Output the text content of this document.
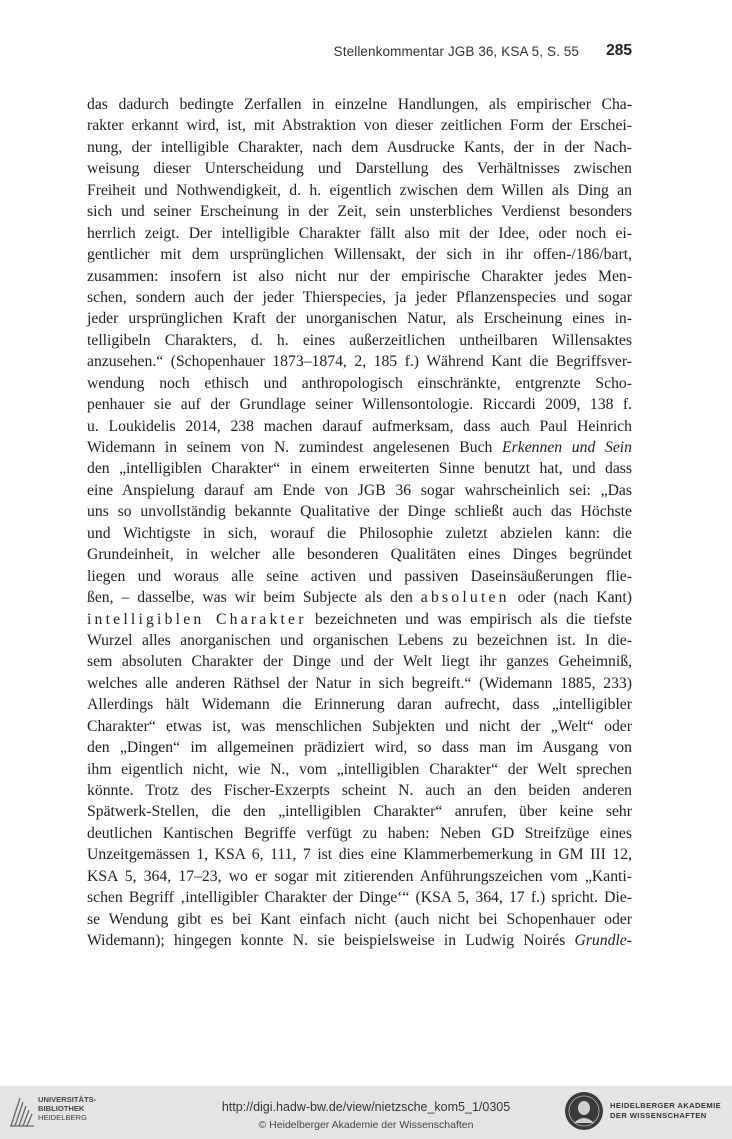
Stellenkommentar JGB 36, KSA 5, S. 55 285
das dadurch bedingte Zerfallen in einzelne Handlungen, als empirischer Cha-
rakter erkannt wird, ist, mit Abstraktion von dieser zeitlichen Form der Erschei-
nung, der intelligible Charakter, nach dem Ausdrucke Kants, der in der Nach-
weisung dieser Unterscheidung und Darstellung des Verhältnisses zwischen
Freiheit und Nothwendigkeit, d. h. eigentlich zwischen dem Willen als Ding an
sich und seiner Erscheinung in der Zeit, sein unsterbliches Verdienst besonders
herrlich zeigt. Der intelligible Charakter fällt also mit der Idee, oder noch ei-
gentlicher mit dem ursprünglichen Willensakt, der sich in ihr offen-/186/bart,
zusammen: insofern ist also nicht nur der empirische Charakter jedes Men-
schen, sondern auch der jeder Thierspecies, ja jeder Pflanzenspecies und sogar
jeder ursprünglichen Kraft der unorganischen Natur, als Erscheinung eines in-
telligibeln Charakters, d. h. eines außerzeitlichen untheilbaren Willensaktes
anzusehen.“ (Schopenhauer 1873–1874, 2, 185 f.) Während Kant die Begriffsver-
wendung noch ethisch und anthropologisch einschränkte, entgrenzte Scho-
penhauer sie auf der Grundlage seiner Willensontologie. Riccardi 2009, 138 f.
u. Loukidelis 2014, 238 machen darauf aufmerksam, dass auch Paul Heinrich
Widemann in seinem von N. zumindest angelesenen Buch Erkennen und Sein
den „intelligiblen Charakter“ in einem erweiterten Sinne benutzt hat, und dass
eine Anspielung darauf am Ende von JGB 36 sogar wahrscheinlich sei: „Das
uns so unvollständig bekannte Qualitative der Dinge schließt auch das Höchste
und Wichtigste in sich, worauf die Philosophie zuletzt abzielen kann: die
Grundeinheit, in welcher alle besonderen Qualitäten eines Dinges begründet
liegen und woraus alle seine activen und passiven Daseinsäußerungen flie-
ßen, – dasselbe, was wir beim Subjecte als den absoluten oder (nach Kant)
intelligiblen Charakter bezeichneten und was empirisch als die tiefste
Wurzel alles anorganischen und organischen Lebens zu bezeichnen ist. In die-
sem absoluten Charakter der Dinge und der Welt liegt ihr ganzes Geheimniß,
welches alle anderen Räthsel der Natur in sich begreift.“ (Widemann 1885, 233)
Allerdings hält Widemann die Erinnerung daran aufrecht, dass „intelligibler
Charakter“ etwas ist, was menschlichen Subjekten und nicht der „Welt“ oder
den „Dingen“ im allgemeinen prädiziert wird, so dass man im Ausgang von
ihm eigentlich nicht, wie N., vom „intelligiblen Charakter“ der Welt sprechen
könnte. Trotz des Fischer-Exzerpts scheint N. auch an den beiden anderen
Spätwerk-Stellen, die den „intelligiblen Charakter“ anrufen, über keine sehr
deutlichen Kantischen Begriffe verfügt zu haben: Neben GD Streifzüge eines
Unzeitgemässen 1, KSA 6, 111, 7 ist dies eine Klammerbemerkung in GM III 12,
KSA 5, 364, 17–23, wo er sogar mit zitierenden Anführungszeichen vom „Kanti-
schen Begriff ‚intelligibler Charakter der Dinge‘“ (KSA 5, 364, 17 f.) spricht. Die-
se Wendung gibt es bei Kant einfach nicht (auch nicht bei Schopenhauer oder
Widemann); hingegen konnte N. sie beispielsweise in Ludwig Noirés Grundle-
UNIVERSITÄTS-
BIBLIOTHEK
HEIDELBERG
http://digi.hadw-bw.de/view/nietzsche_kom5_1/0305
© Heidelberger Akademie der Wissenschaften
HEIDELBERGER AKADEMIE
DER WISSENSCHAFTEN
